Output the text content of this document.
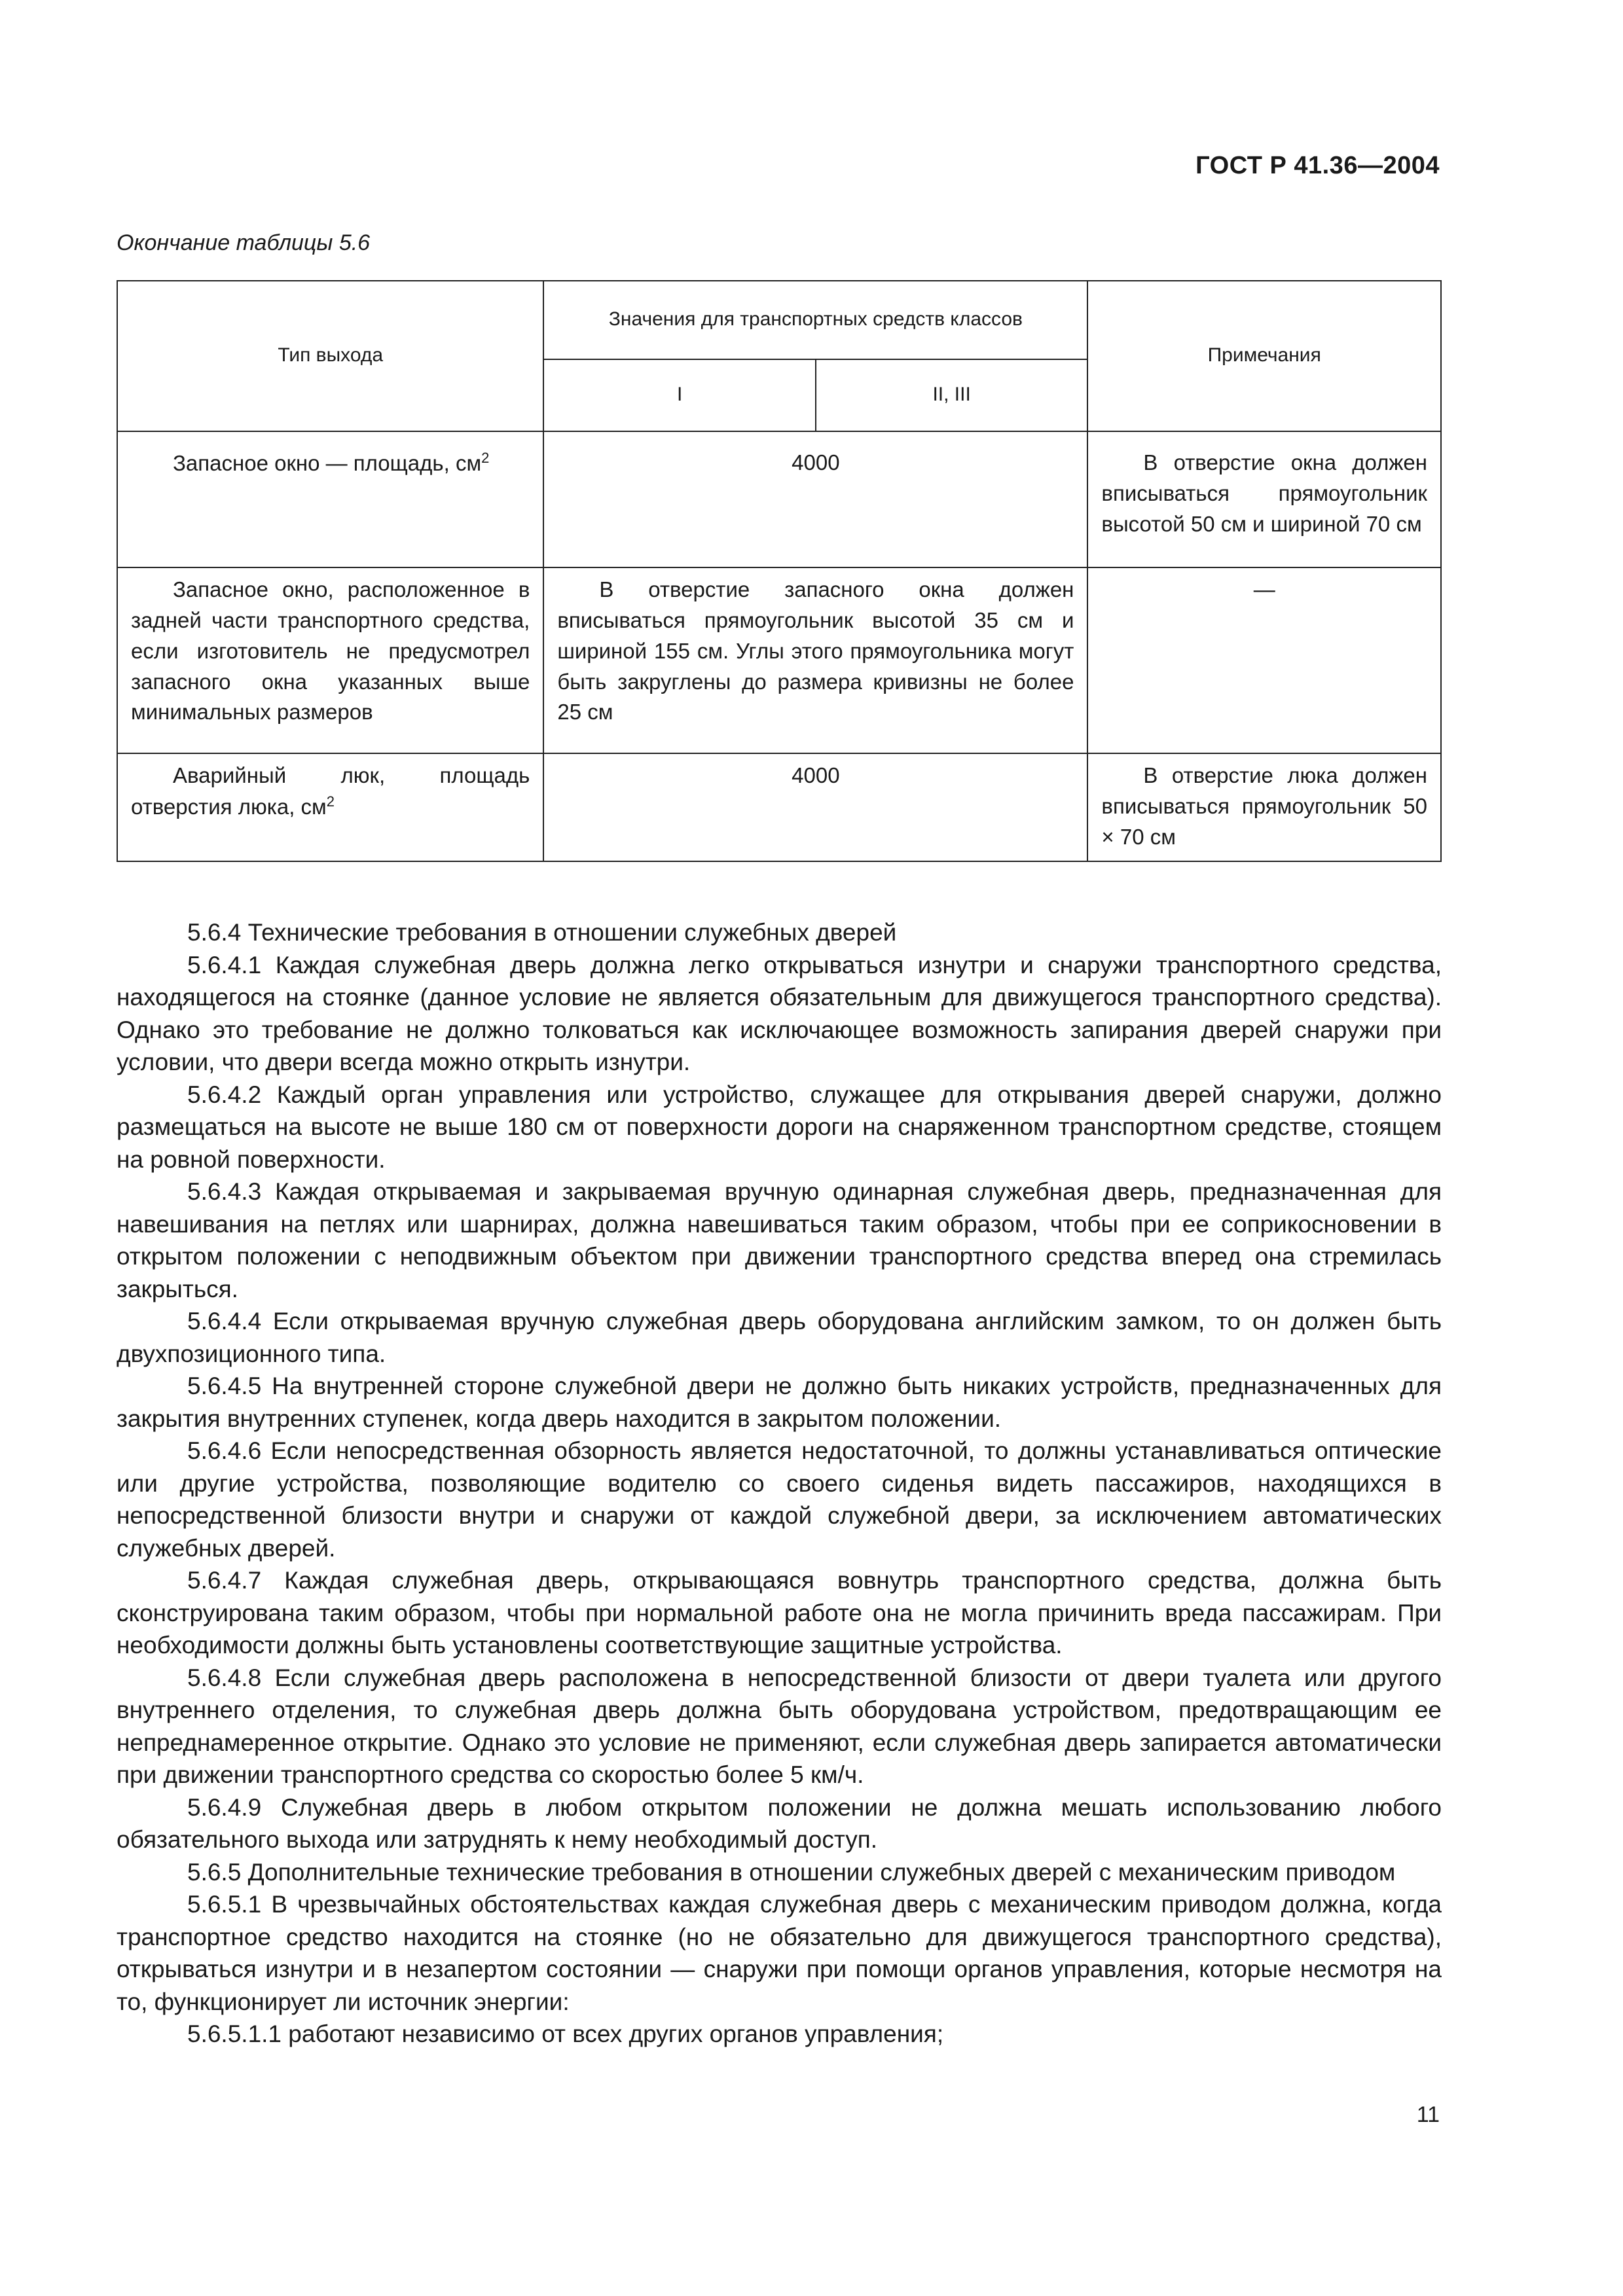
ГОСТ Р 41.36—2004
Окончание таблицы 5.6
Тип выхода	Значения для транспортных средств классов		Примечания
	I	II, III	

Запасное окно — площадь, $см^2$	4000		В отверстие окна должен вписываться прямоугольник высотой 50 см и шириной 70 см
Запасное окно, расположенное в задней части транспортного средства, если изготовитель не предусмотрел запасного окна указанных выше минимальных размеров	В отверстие запасного окна должен вписываться прямоугольник высотой 35 см и шириной 155 см. Углы этого прямоугольника могут быть закруглены до размера кривизны не более 25 см		—
Аварийный люк, площадь отверстия люка, $см^2$	4000		В отверстие люка должен вписываться прямоугольник 50 × 70 см

5.6.4 Технические требования в отношении служебных дверей

5.6.4.1 Каждая служебная дверь должна легко открываться изнутри и снаружи транспортного средства, находящегося на стоянке (данное условие не является обязательным для движущегося транспортного средства). Однако это требование не должно толковаться как исключающее возможность запирания дверей снаружи при условии, что двери всегда можно открыть изнутри.

5.6.4.2 Каждый орган управления или устройство, служащее для открывания дверей снаружи, должно размещаться на высоте не выше 180 см от поверхности дороги на снаряженном транспортном средстве, стоящем на ровной поверхности.

5.6.4.3 Каждая открываемая и закрываемая вручную одинарная служебная дверь, предназначенная для навешивания на петлях или шарнирах, должна навешиваться таким образом, чтобы при ее соприкосновении в открытом положении с неподвижным объектом при движении транспортного средства вперед она стремилась закрыться.

5.6.4.4 Если открываемая вручную служебная дверь оборудована английским замком, то он должен быть двухпозиционного типа.

5.6.4.5 На внутренней стороне служебной двери не должно быть никаких устройств, предназначенных для закрытия внутренних ступенек, когда дверь находится в закрытом положении.

5.6.4.6 Если непосредственная обзорность является недостаточной, то должны устанавливаться оптические или другие устройства, позволяющие водителю со своего сиденья видеть пассажиров, находящихся в непосредственной близости внутри и снаружи от каждой служебной двери, за исключением автоматических служебных дверей.

5.6.4.7 Каждая служебная дверь, открывающаяся вовнутрь транспортного средства, должна быть сконструирована таким образом, чтобы при нормальной работе она не могла причинить вреда пассажирам. При необходимости должны быть установлены соответствующие защитные устройства.

5.6.4.8 Если служебная дверь расположена в непосредственной близости от двери туалета или другого внутреннего отделения, то служебная дверь должна быть оборудована устройством, предотвращающим ее непреднамеренное открытие. Однако это условие не применяют, если служебная дверь запирается автоматически при движении транспортного средства со скоростью более 5 км/ч.

5.6.4.9 Служебная дверь в любом открытом положении не должна мешать использованию любого обязательного выхода или затруднять к нему необходимый доступ.

5.6.5 Дополнительные технические требования в отношении служебных дверей с механическим приводом

5.6.5.1 В чрезвычайных обстоятельствах каждая служебная дверь с механическим приводом должна, когда транспортное средство находится на стоянке (но не обязательно для движущегося транспортного средства), открываться изнутри и в незапертом состоянии — снаружи при помощи органов управления, которые несмотря на то, функционирует ли источник энергии:

5.6.5.1.1 работают независимо от всех других органов управления;

11
